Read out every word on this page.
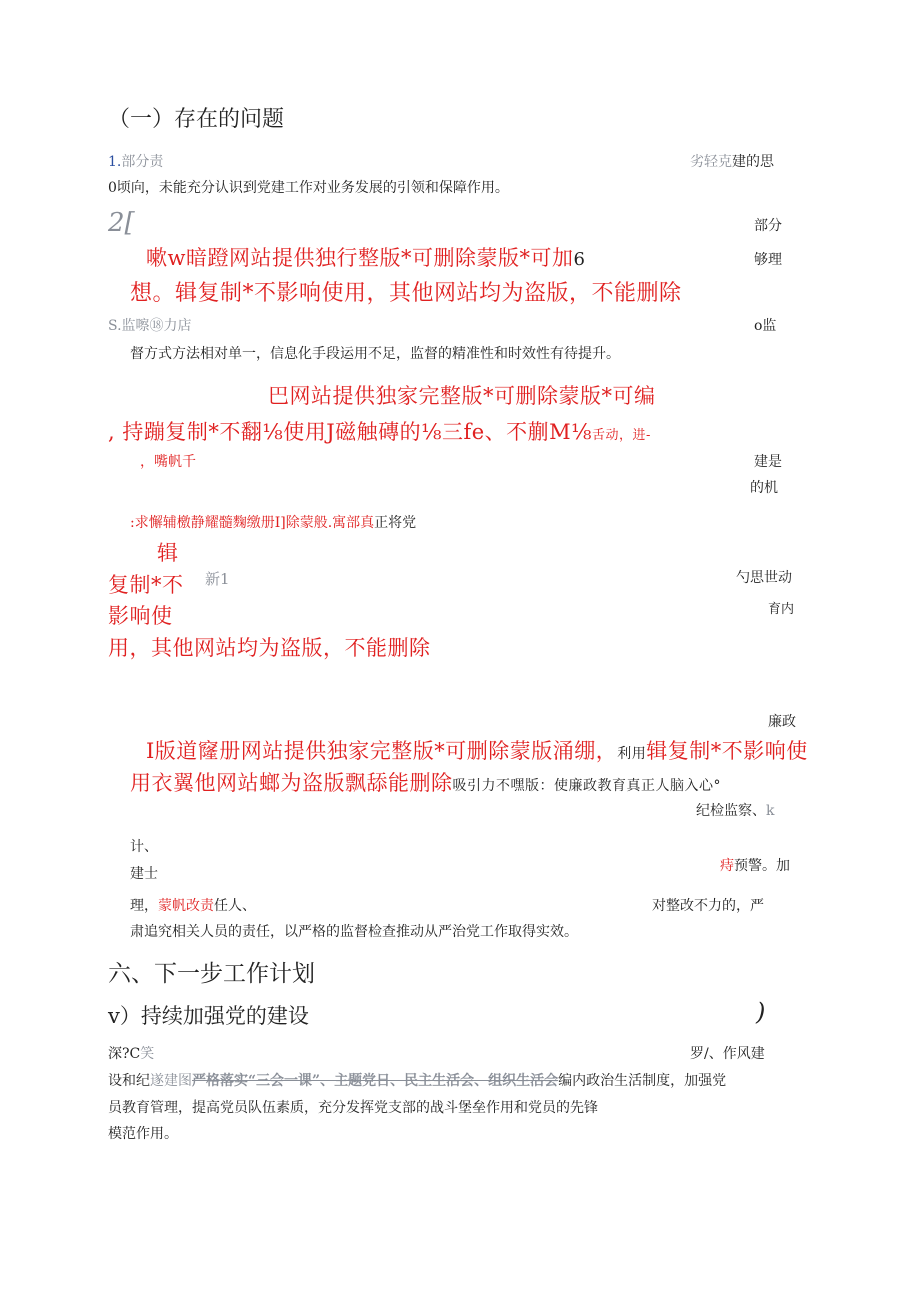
（一）存在的问题
1.部分责	劣轻克建的思
0顷向，未能充分认识到党建工作对业务发展的引领和保障作用。
2[	部分
嗽w暗蹬网站提供独行整版*可删除蒙版*可加6	够理
想。辑复制*不影响使用，其他网站均为盗版，不能删除
S.监嚓⑱力店	o监
督方式方法相对单一，信息化手段运用不足，监督的精准性和时效性有待提升。
巴网站提供独家完整版*可删除蒙版*可编
, 持蹦复制*不翻⅛使用J磁触磚的⅛三fe、不蒯M⅛舌动，进-
，嘴帆千	建是
的机
:求懈辅檄静耀髓麴缴册I]除蒙般.寓部真正将党
辑
复制*不 新1	勺思世动
影响使	育内
用，其他网站均为盗版，不能删除
廉政
I版道窿册网站提供独家完整版*可删除蒙版涌绷，利用辑复制*不影响使
用衣翼他网站螂为盗版飘舔能删除吸引力不嘿版：使廉政教育真正人脑入心°
纪检监察、k
计、
建士	痔预警。加
理，蒙帆改责任人、	对整改不力的，严
肃追究相关人员的责任，以严格的监督检查推动从严治党工作取得实效。
六、下一步工作计划
v）持续加强党的建设	)
深?C笑	罗/、作风建
设和纪遂建图严格落实“三会一课”、主题党日、民主生活会、组织生活会编内政治生活制度，加强党
员教育管理，提高党员队伍素质，充分发挥党支部的战斗堡垒作用和党员的先锋
模范作用。
